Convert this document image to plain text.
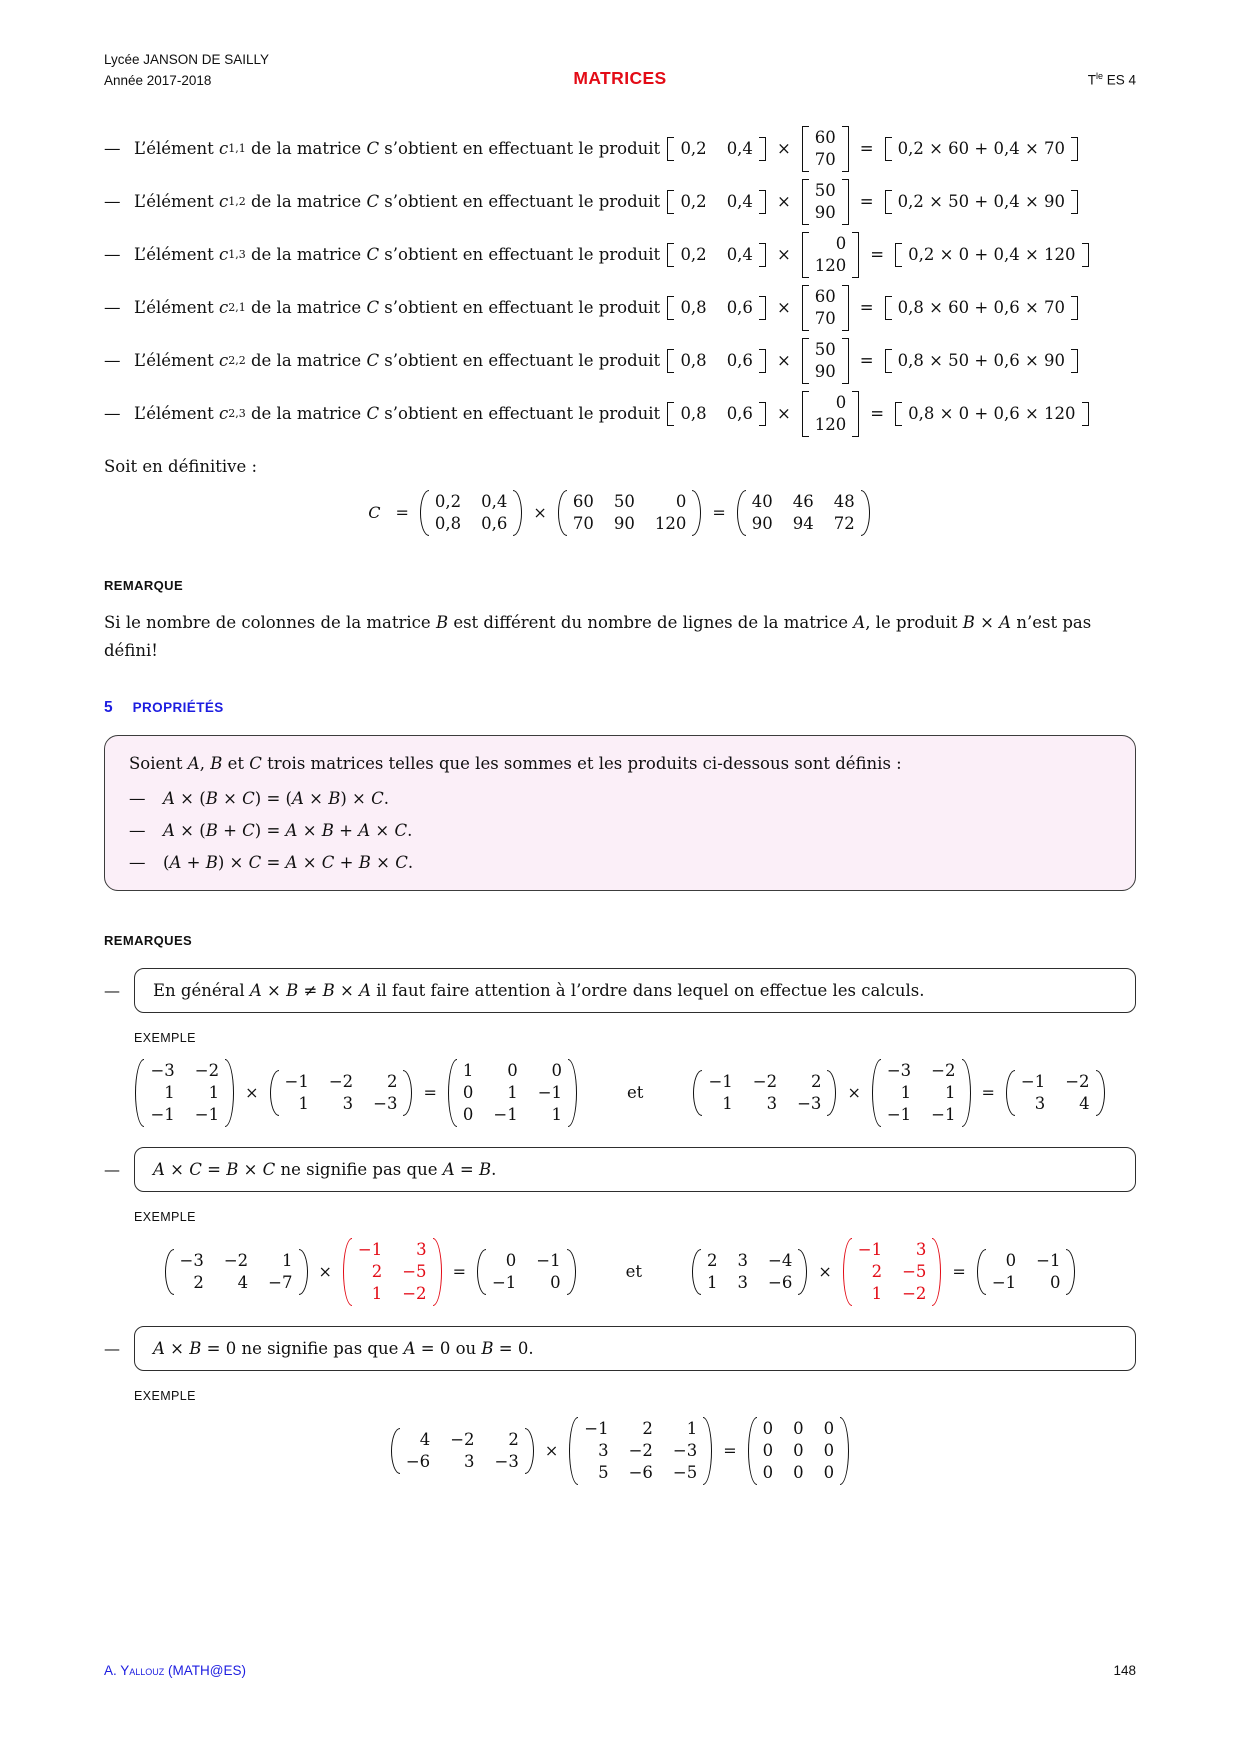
Lycée JANSON DE SAILLY
Année 2017-2018	MATRICES	$T^{le}$ ES 4
— L’élément c 1,1 de la matrice C s’obtient en effectuant le produit 0,2 0,4 ×
60
70
= 0,2 × 60 + 0,4 × 70
— L’élément c 1,2 de la matrice C s’obtient en effectuant le produit 0,2 0,4 ×
50
90
= 0,2 × 50 + 0,4 × 90
— L’élément c 1,3 de la matrice C s’obtient en effectuant le produit 0,2 0,4 ×
0
120
= 0,2 × 0 + 0,4 × 120
— L’élément c 2,1 de la matrice C s’obtient en effectuant le produit 0,8 0,6 ×
60
70
= 0,8 × 60 + 0,6 × 70
— L’élément c 2,2 de la matrice C s’obtient en effectuant le produit 0,8 0,6 ×
50
90
= 0,8 × 50 + 0,6 × 90
— L’élément c 2,3 de la matrice C s’obtient en effectuant le produit 0,8 0,6 ×
0
120
= 0,8 × 0 + 0,6 × 120
Soit en définitive :
C =
0,2 0,4
0,8 0,6
×
60 50	0
70 90 120
=
40 46 48
90 94 72
REMARQUE
Si le nombre de colonnes de la matrice B est différent du nombre de lignes de la matrice A, le produit B × A n’est pas défini!
5 PROPRIÉTÉS
Soient A, B et C trois matrices telles que les sommes et les produits ci-dessous sont définis :
—	A × (B × C) = (A × B) × C.
—	A × (B + C) = A × B + A × C.
—	(A + B) × C = A × C + B × C.
REMARQUES
—	En général A × B ≠ B × A il faut faire attention à l’ordre dans lequel on effectue les calculs.
EXEMPLE
−3 −2
1	1
−1 −1
×
−1 −2	2
1	3 −3
=
1	0	0
0	1 −1
0 −1	1
et
−1 −2	2
1	3 −3
×
−3 −2
1	1
−1 −1
=
−1 −2
3	4
—	A × C = B × C ne signifie pas que A = B.
EXEMPLE
−3 −2	1
2	4 −7
×
−1	3
2 −5
1 −2
=
0 −1
−1	0
et
2 3 −4
1 3 −6
×
−1	3
2 −5
1 −2
=
0 −1
−1	0
—	A × B = 0 ne signifie pas que A = 0 ou B = 0.
EXEMPLE
4 −2	2
−6	3 −3
×
−1	2	1
3 −2 −3
5 −6 −5
=
0 0 0
0 0 0
0 0 0
A. Yallouz (MATH@ES)	148
